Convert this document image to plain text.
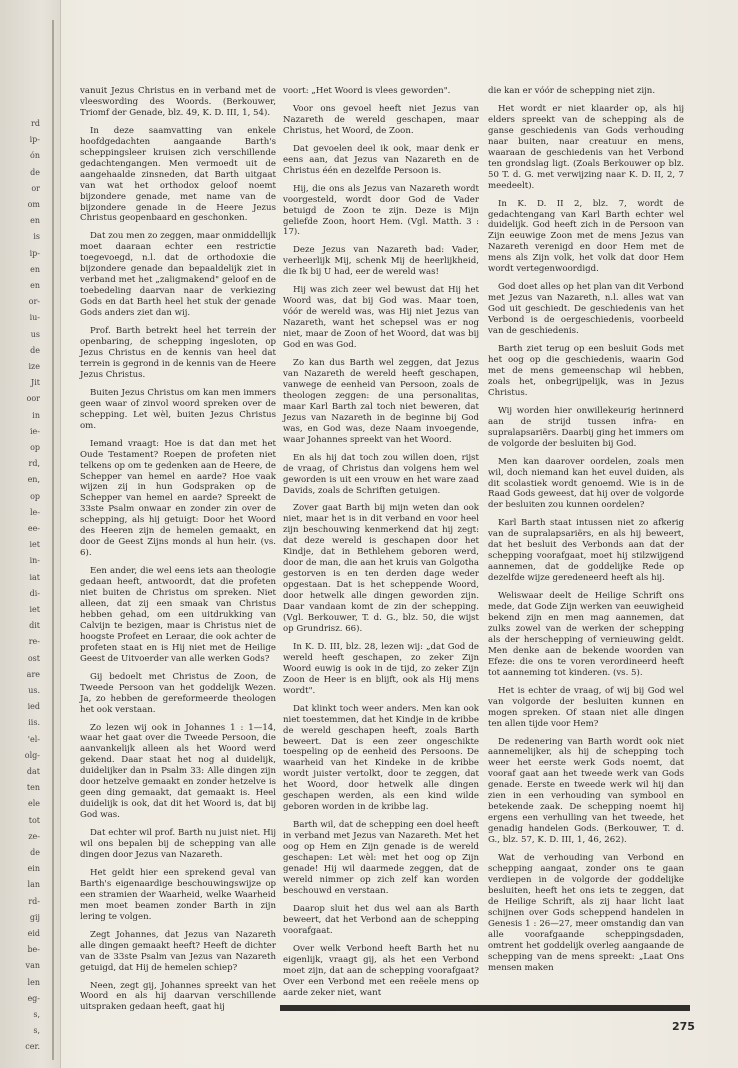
rd
ip-
ón
de
or
om
en
is
ip-
en
en
or-
iu-
us
de
ize
Jit
oor
in
ie-
op
rd,
en,
op
le-
ee-
iet
in-
iat
di-
iet
dit
re-
ost
are
us.
ied
iis.
'el-
olg-
dat
ten
ele
tot
ze-
de
ein
lan
rd-
gij
eid
be-
van
len
eg-
s,
s,
cer.

vanuit Jezus Christus en in verband met de vleeswording des Woords. (Berkouwer, Triomf der Genade, blz. 49, K. D. III, 1, 54).

In deze saamvatting van enkele hoofdgedachten aangaande Barth's scheppingsleer kruisen zich verschillende gedachtengangen. Men vermoedt uit de aangehaalde zinsneden, dat Barth uitgaat van wat het orthodox geloof noemt bijzondere genade, met name van de bijzondere genade in de Heere Jezus Christus geopenbaard en geschonken.

Dat zou men zo zeggen, maar onmiddellijk moet daaraan echter een restrictie toegevoegd, n.l. dat de orthodoxie die bijzondere genade dan bepaaldelijk ziet in verband met het „zaligmakend" geloof en de toebedeling daarvan naar de verkiezing Gods en dat Barth heel het stuk der genade Gods anders ziet dan wij.

Prof. Barth betrekt heel het terrein der openbaring, de schepping ingesloten, op Jezus Christus en de kennis van heel dat terrein is gegrond in de kennis van de Heere Jezus Christus.

Buiten Jezus Christus om kan men immers geen waar of zinvol woord spreken over de schepping. Let wèl, buiten Jezus Christus om.

Iemand vraagt: Hoe is dat dan met het Oude Testament? Roepen de profeten niet telkens op om te gedenken aan de Heere, de Schepper van hemel en aarde? Hoe vaak wijzen zij in hun Godspraken op de Schepper van hemel en aarde? Spreekt de 33ste Psalm onwaar en zonder zin over de schepping, als hij getuigt: Door het Woord des Heeren zijn de hemelen gemaakt, en door de Geest Zijns monds al hun heir. (vs. 6).

Een ander, die wel eens iets aan theologie gedaan heeft, antwoordt, dat die profeten niet buiten de Christus om spreken. Niet alleen, dat zij een smaak van Christus hebben gehad, om een uitdrukking van Calvijn te bezigen, maar is Christus niet de hoogste Profeet en Leraar, die ook achter de profeten staat en is Hij niet met de Heilige Geest de Uitvoerder van alle werken Gods?

Gij bedoelt met Christus de Zoon, de Tweede Persoon van het goddelijk Wezen. Ja, zo hebben de gereformeerde theologen het ook verstaan.

Zo lezen wij ook in Johannes 1 : 1—14, waar het gaat over die Tweede Persoon, die aanvankelijk alleen als het Woord werd gekend. Daar staat het nog al duidelijk, duidelijker dan in Psalm 33: Alle dingen zijn door hetzelve gemaakt en zonder hetzelve is geen ding gemaakt, dat gemaakt is. Heel duidelijk is ook, dat dit het Woord is, dat bij God was.

Dat echter wil prof. Barth nu juist niet. Hij wil ons bepalen bij de schepping van alle dingen door Jezus van Nazareth.

Het geldt hier een sprekend geval van Barth's eigenaardige beschouwingswijze op een stramien der Waarheid, welke Waarheid men moet beamen zonder Barth in zijn lering te volgen.

Zegt Johannes, dat Jezus van Nazareth alle dingen gemaakt heeft? Heeft de dichter van de 33ste Psalm van Jezus van Nazareth getuigd, dat Hij de hemelen schiep?

Neen, zegt gij, Johannes spreekt van het Woord en als hij daarvan verschillende uitspraken gedaan heeft, gaat hij

voort: „Het Woord is vlees geworden".

Voor ons gevoel heeft niet Jezus van Nazareth de wereld geschapen, maar Christus, het Woord, de Zoon.

Dat gevoelen deel ik ook, maar denk er eens aan, dat Jezus van Nazareth en de Christus één en dezelfde Persoon is.

Hij, die ons als Jezus van Nazareth wordt voorgesteld, wordt door God de Vader betuigd de Zoon te zijn. Deze is Mijn geliefde Zoon, hoort Hem. (Vgl. Matth. 3 : 17).

Deze Jezus van Nazareth bad: Vader, verheerlijk Mij, schenk Mij de heerlijkheid, die Ik bij U had, eer de wereld was!

Hij was zich zeer wel bewust dat Hij het Woord was, dat bij God was. Maar toen, vóór de wereld was, was Hij niet Jezus van Nazareth, want het schepsel was er nog niet, maar de Zoon of het Woord, dat was bij God en was God.

Zo kan dus Barth wel zeggen, dat Jezus van Nazareth de wereld heeft geschapen, vanwege de eenheid van Persoon, zoals de theologen zeggen: de una personalitas, maar Karl Barth zal toch niet beweren, dat Jezus van Nazareth in de beginne bij God was, en God was, deze Naam invoegende, waar Johannes spreekt van het Woord.

En als hij dat toch zou willen doen, rijst de vraag, of Christus dan volgens hem wel geworden is uit een vrouw en het ware zaad Davids, zoals de Schriften getuigen.

Zover gaat Barth bij mijn weten dan ook niet, maar het is in dit verband en voor heel zijn beschouwing kenmerkend dat hij zegt: dat deze wereld is geschapen door het Kindje, dat in Bethlehem geboren werd, door de man, die aan het kruis van Golgotha gestorven is en ten derden dage weder opgestaan. Dat is het scheppende Woord, door hetwelk alle dingen geworden zijn. Daar vandaan komt de zin der schepping. (Vgl. Berkouwer, T. d. G., blz. 50, die wijst op Grundrisz. 66).

In K. D. III, blz. 28, lezen wij: „dat God de wereld heeft geschapen, zo zeker Zijn Woord euwig is ook in de tijd, zo zeker Zijn Zoon de Heer is en blijft, ook als Hij mens wordt".

Dat klinkt toch weer anders. Men kan ook niet toestemmen, dat het Kindje in de kribbe de wereld geschapen heeft, zoals Barth beweert. Dat is een zeer ongeschikte toespeling op de eenheid des Persoons. De waarheid van het Kindeke in de kribbe wordt juister vertolkt, door te zeggen, dat het Woord, door hetwelk alle dingen geschapen werden, als een kind wilde geboren worden in de kribbe lag.

Barth wil, dat de schepping een doel heeft in verband met Jezus van Nazareth. Met het oog op Hem en Zijn genade is de wereld geschapen: Let wèl: met het oog op Zijn genade! Hij wil daarmede zeggen, dat de wereld nimmer op zich zelf kan worden beschouwd en verstaan.

Daarop sluit het dus wel aan als Barth beweert, dat het Verbond aan de schepping voorafgaat.

Over welk Verbond heeft Barth het nu eigenlijk, vraagt gij, als het een Verbond moet zijn, dat aan de schepping voorafgaat? Over een Verbond met een reëele mens op aarde zeker niet, want

die kan er vóór de schepping niet zijn.

Het wordt er niet klaarder op, als hij elders spreekt van de schepping als de ganse geschiedenis van Gods verhouding naar buiten, naar creatuur en mens, waaraan de geschiedenis van het Verbond ten grondslag ligt. (Zoals Berkouwer op blz. 50 T. d. G. met verwijzing naar K. D. II, 2, 7 meedeelt).

In K. D. II 2, blz. 7, wordt de gedachtengang van Karl Barth echter wel duidelijk. God heeft zich in de Persoon van Zijn eeuwige Zoon met de mens Jezus van Nazareth verenigd en door Hem met de mens als Zijn volk, het volk dat door Hem wordt vertegenwoordigd.

God doet alles op het plan van dit Verbond met Jezus van Nazareth, n.l. alles wat van God uit geschiedt. De geschiedenis van het Verbond is de oergeschiedenis, voorbeeld van de geschiedenis.

Barth ziet terug op een besluit Gods met het oog op die geschiedenis, waarin God met de mens gemeenschap wil hebben, zoals het, onbegrijpelijk, was in Jezus Christus.

Wij worden hier onwillekeurig herinnerd aan de strijd tussen infra- en supralapsariërs. Daarbij ging het immers om de volgorde der besluiten bij God.

Men kan daarover oordelen, zoals men wil, doch niemand kan het euvel duiden, als dit scolastiek wordt genoemd. Wie is in de Raad Gods geweest, dat hij over de volgorde der besluiten zou kunnen oordelen?

Karl Barth staat intussen niet zo afkerig van de supralapsariërs, en als hij beweert, dat het besluit des Verbonds aan dat der schepping voorafgaat, moet hij stilzwijgend aannemen, dat de goddelijke Rede op dezelfde wijze geredeneerd heeft als hij.

Weliswaar deelt de Heilige Schrift ons mede, dat Gode Zijn werken van eeuwigheid bekend zijn en men mag aannemen, dat zulks zowel van de werken der schepping als der herschepping of vernieuwing geldt. Men denke aan de bekende woorden van Efeze: die ons te voren verordineerd heeft tot aanneming tot kinderen. (vs. 5).

Het is echter de vraag, of wij bij God wel van volgorde der besluiten kunnen en mogen spreken. Of staan niet alle dingen ten allen tijde voor Hem?

De redenering van Barth wordt ook niet aannemelijker, als hij de schepping toch weer het eerste werk Gods noemt, dat vooraf gaat aan het tweede werk van Gods genade. Eerste en tweede werk wil hij dan zien in een verhouding van symbool en betekende zaak. De schepping noemt hij ergens een verhulling van het tweede, het genadig handelen Gods. (Berkouwer, T. d. G., blz. 57, K. D. III, 1, 46, 262).

Wat de verhouding van Verbond en schepping aangaat, zonder ons te gaan verdiepen in de volgorde der goddelijke besluiten, heeft het ons iets te zeggen, dat de Heilige Schrift, als zij haar licht laat schijnen over Gods scheppend handelen in Genesis 1 : 26—27, meer omstandig dan van alle voorafgaande scheppingsdaden, omtrent het goddelijk overleg aangaande de schepping van de mens spreekt: „Laat Ons mensen maken

275
